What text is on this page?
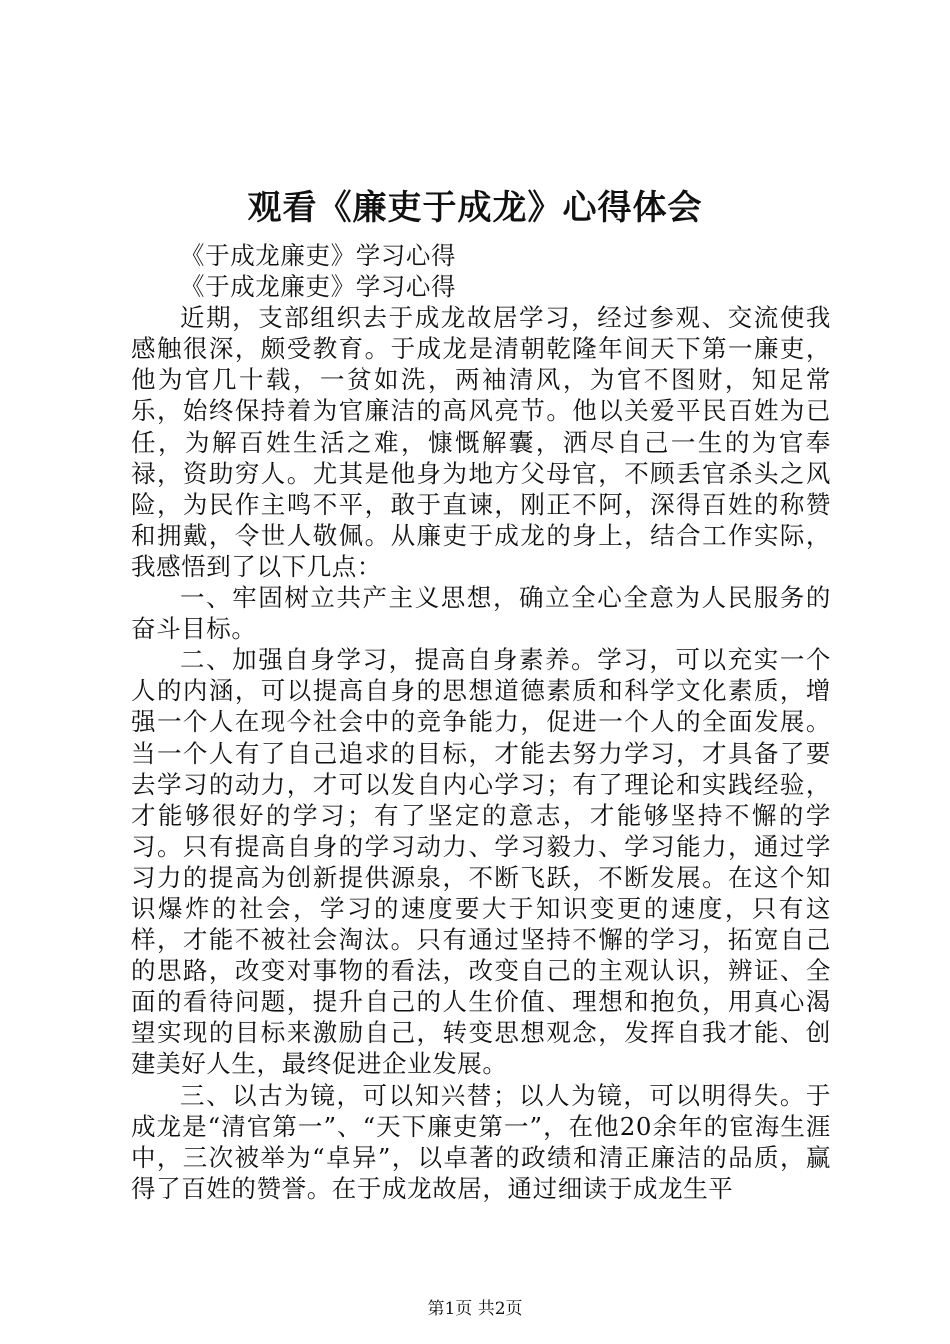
观看《廉吏于成龙》心得体会

《于成龙廉吏》学习心得

《于成龙廉吏》学习心得

近期，支部组织去于成龙故居学习，经过参观、交流使我感触很深，颇受教育。于成龙是清朝乾隆年间天下第一廉吏，他为官几十载，一贫如洗，两袖清风，为官不图财，知足常乐，始终保持着为官廉洁的高风亮节。他以关爱平民百姓为已任，为解百姓生活之难，慷慨解囊，洒尽自己一生的为官奉禄，资助穷人。尤其是他身为地方父母官，不顾丢官杀头之风险，为民作主鸣不平，敢于直谏，刚正不阿，深得百姓的称赞和拥戴，令世人敬佩。从廉吏于成龙的身上，结合工作实际，我感悟到了以下几点：

一、牢固树立共产主义思想，确立全心全意为人民服务的奋斗目标。

二、加强自身学习，提高自身素养。学习，可以充实一个人的内涵，可以提高自身的思想道德素质和科学文化素质，增强一个人在现今社会中的竞争能力，促进一个人的全面发展。当一个人有了自己追求的目标，才能去努力学习，才具备了要去学习的动力，才可以发自内心学习；有了理论和实践经验，才能够很好的学习；有了坚定的意志，才能够坚持不懈的学习。只有提高自身的学习动力、学习毅力、学习能力，通过学习力的提高为创新提供源泉，不断飞跃，不断发展。在这个知识爆炸的社会，学习的速度要大于知识变更的速度，只有这样，才能不被社会淘汰。只有通过坚持不懈的学习，拓宽自己的思路，改变对事物的看法，改变自己的主观认识，辨证、全面的看待问题，提升自己的人生价值、理想和抱负，用真心渴望实现的目标来激励自己，转变思想观念，发挥自我才能、创建美好人生，最终促进企业发展。

三、以古为镜，可以知兴替；以人为镜，可以明得失。于成龙是“清官第一”、“天下廉吏第一”，在他20余年的宦海生涯中，三次被举为“卓异”，以卓著的政绩和清正廉洁的品质，赢得了百姓的赞誉。在于成龙故居，通过细读于成龙生平

第1页 共2页
